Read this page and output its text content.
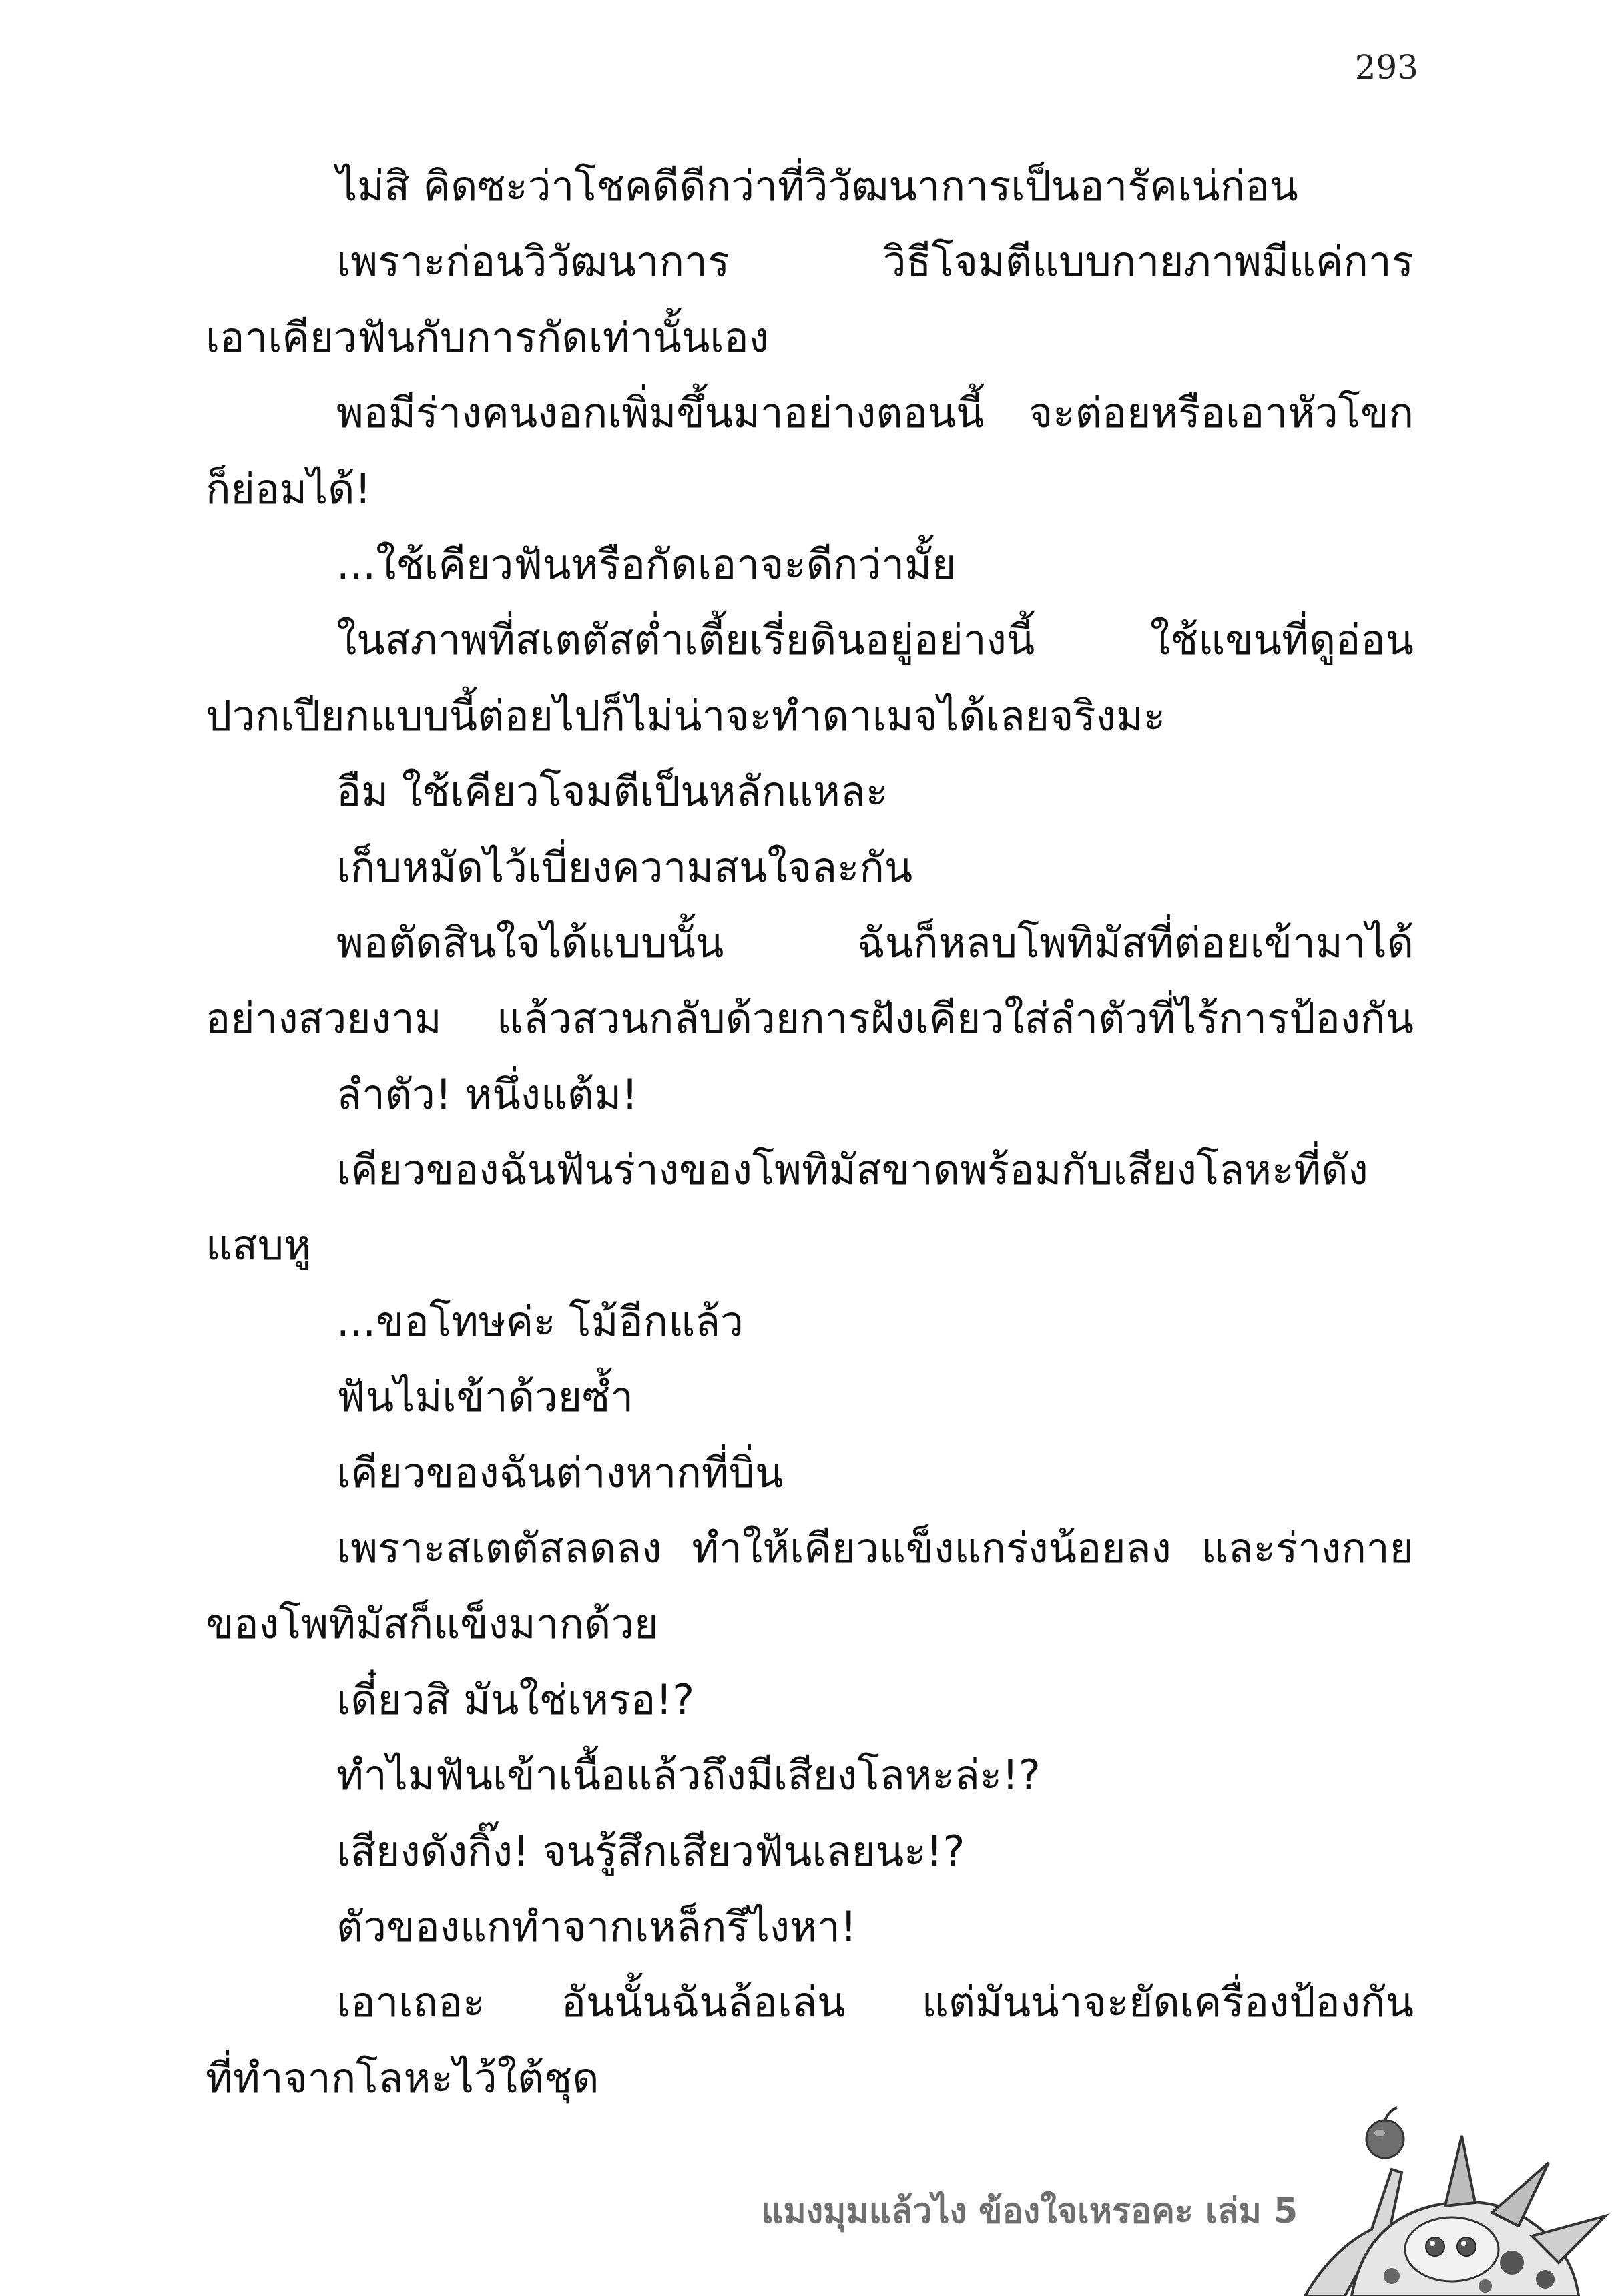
293
ไม่สิ คิดซะว่าโชคดีดีกว่าที่วิวัฒนาการเป็นอารัคเน่ก่อน
เพราะก่อนวิวัฒนาการ วิธีโจมตีแบบกายภาพมีแค่การ
เอาเคียวฟันกับการกัดเท่านั้นเอง
พอมีร่างคนงอกเพิ่มขึ้นมาอย่างตอนนี้ จะต่อยหรือเอาหัวโขก
ก็ย่อมได้!
...ใช้เคียวฟันหรือกัดเอาจะดีกว่ามั้ย
ในสภาพที่สเตตัสต่ำเตี้ยเรี่ยดินอยู่อย่างนี้ ใช้แขนที่ดูอ่อน
ปวกเปียกแบบนี้ต่อยไปก็ไม่น่าจะทำดาเมจได้เลยจริงมะ
อืม ใช้เคียวโจมตีเป็นหลักแหละ
เก็บหมัดไว้เบี่ยงความสนใจละกัน
พอตัดสินใจได้แบบนั้น ฉันก็หลบโพทิมัสที่ต่อยเข้ามาได้
อย่างสวยงาม แล้วสวนกลับด้วยการฝังเคียวใส่ลำตัวที่ไร้การป้องกัน
ลำตัว! หนึ่งแต้ม!
เคียวของฉันฟันร่างของโพทิมัสขาดพร้อมกับเสียงโลหะที่ดัง
แสบหู
...ขอโทษค่ะ โม้อีกแล้ว
ฟันไม่เข้าด้วยซ้ำ
เคียวของฉันต่างหากที่บิ่น
เพราะสเตตัสลดลง ทำให้เคียวแข็งแกร่งน้อยลง และร่างกาย
ของโพทิมัสก็แข็งมากด้วย
เดี๋ยวสิ มันใช่เหรอ!?
ทำไมฟันเข้าเนื้อแล้วถึงมีเสียงโลหะล่ะ!?
เสียงดังกิ๊ง! จนรู้สึกเสียวฟันเลยนะ!?
ตัวของแกทำจากเหล็กรึไงหา!
เอาเถอะ อันนั้นฉันล้อเล่น แต่มันน่าจะยัดเครื่องป้องกัน
ที่ทำจากโลหะไว้ใต้ชุด
แมงมุมแล้วไง ข้องใจเหรอคะ เล่ม 5
